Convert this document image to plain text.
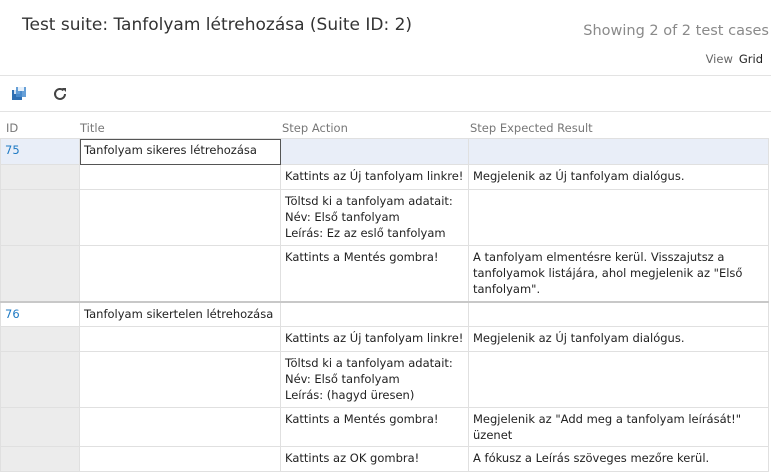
Test suite: Tanfolyam létrehozása (Suite ID: 2)	Showing 2 of 2 test cases
View Grid
ID	Title	Step Action	Step Expected Result
75	Tanfolyam sikeres létrehozása		
		Kattints az Új tanfolyam linkre!	Megjelenik az Új tanfolyam dialógus.
		Töltsd ki a tanfolyam adatait:
Név: Első tanfolyam
Leírás: Ez az eslő tanfolyam	
		Kattints a Mentés gombra!	A tanfolyam elmentésre kerül. Visszajutsz a tanfolyamok listájára, ahol megjelenik az "Első tanfolyam".
76	Tanfolyam sikertelen létrehozása		
		Kattints az Új tanfolyam linkre!	Megjelenik az Új tanfolyam dialógus.
		Töltsd ki a tanfolyam adatait:
Név: Első tanfolyam
Leírás: (hagyd üresen)	
		Kattints a Mentés gombra!	Megjelenik az "Add meg a tanfolyam leírását!" üzenet
		Kattints az OK gombra!	A fókusz a Leírás szöveges mezőre kerül.
